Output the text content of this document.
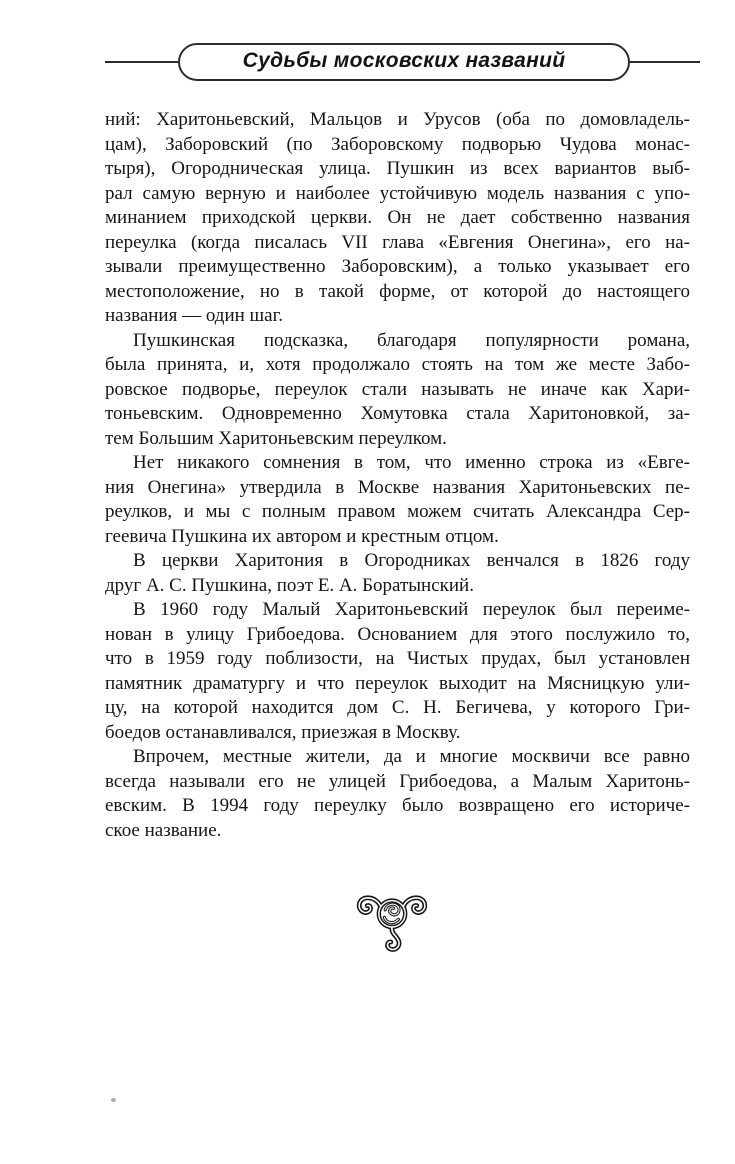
Судьбы московских названий
ний: Харитоньевский, Мальцов и Урусов (оба по домовладель-
цам), Заборовский (по Заборовскому подворью Чудова монас-
тыря), Огородническая улица. Пушкин из всех вариантов выб-
рал самую верную и наиболее устойчивую модель названия с упо-
минанием приходской церкви. Он не дает собственно названия
переулка (когда писалась VII глава «Евгения Онегина», его на-
зывали преимущественно Заборовским), а только указывает его
местоположение, но в такой форме, от которой до настоящего
названия — один шаг.
Пушкинская подсказка, благодаря популярности романа,
была принята, и, хотя продолжало стоять на том же месте Забо-
ровское подворье, переулок стали называть не иначе как Хари-
тоньевским. Одновременно Хомутовка стала Харитоновкой, за-
тем Большим Харитоньевским переулком.
Нет никакого сомнения в том, что именно строка из «Евге-
ния Онегина» утвердила в Москве названия Харитоньевских пе-
реулков, и мы с полным правом можем считать Александра Сер-
геевича Пушкина их автором и крестным отцом.
В церкви Харитония в Огородниках венчался в 1826 году
друг А. С. Пушкина, поэт Е. А. Боратынский.
В 1960 году Малый Харитоньевский переулок был переиме-
нован в улицу Грибоедова. Основанием для этого послужило то,
что в 1959 году поблизости, на Чистых прудах, был установлен
памятник драматургу и что переулок выходит на Мясницкую ули-
цу, на которой находится дом С. Н. Бегичева, у которого Гри-
боедов останавливался, приезжая в Москву.
Впрочем, местные жители, да и многие москвичи все равно
всегда называли его не улицей Грибоедова, а Малым Харитонь-
евским. В 1994 году переулку было возвращено его историче-
ское название.
